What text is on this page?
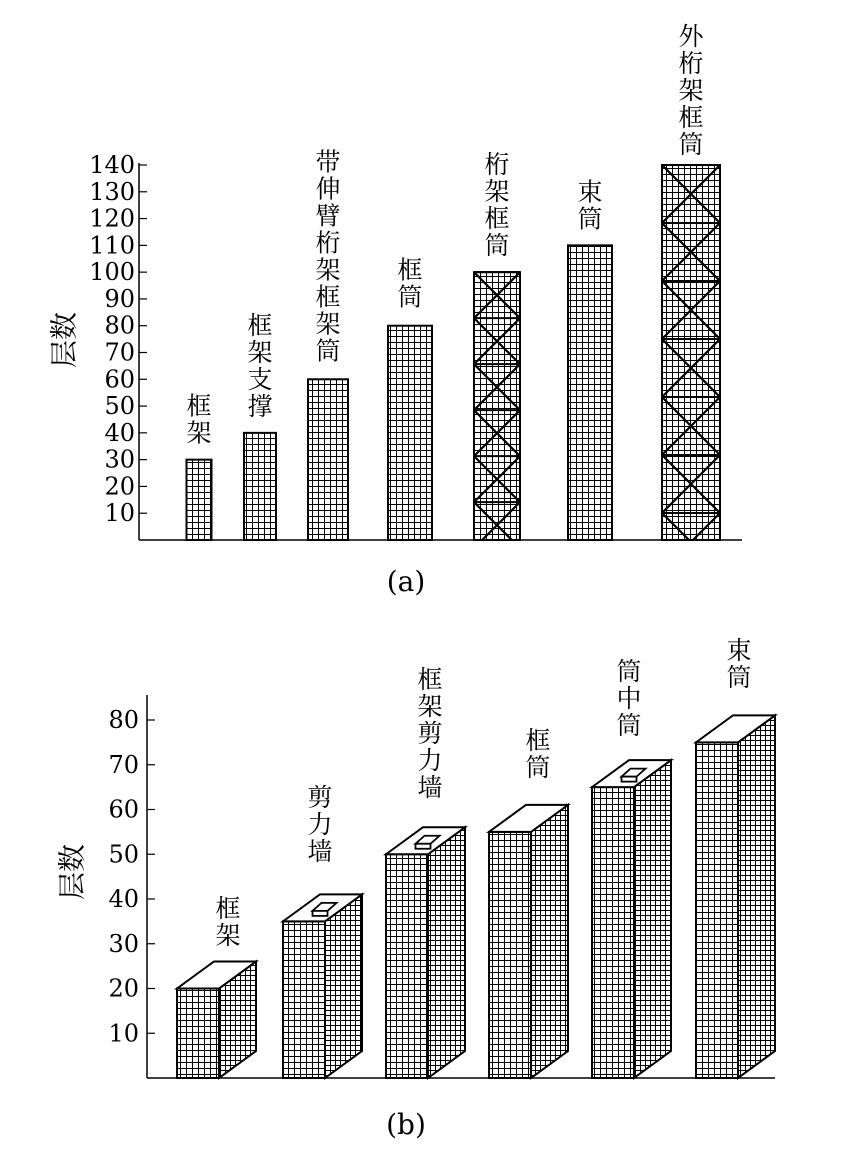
10
20
30
40
50
60
70
80
90
100
110
120
130
140
框
架
框
架
支
撑
带
伸
臂
桁
架
框
架
筒
框
筒
桁
架
框
筒
束
筒
外
桁
架
框
筒
层数
(a)
10
20
30
40
50
60
70
80
框
架
剪
力
墙
框
架
剪
力
墙
框
筒
筒
中
筒
束
筒
层数
(b)
